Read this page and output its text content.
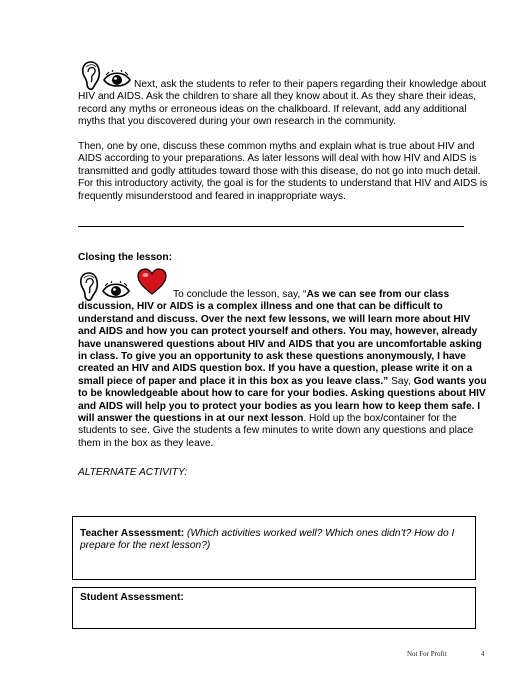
Next, ask the students to refer to their papers regarding their knowledge about HIV and AIDS. Ask the children to share all they know about it. As they share their ideas, record any myths or erroneous ideas on the chalkboard. If relevant, add any additional myths that you discovered during your own research in the community.

Then, one by one, discuss these common myths and explain what is true about HIV and AIDS according to your preparations. As later lessons will deal with how HIV and AIDS is transmitted and godly attitudes toward those with this disease, do not go into much detail. For this introductory activity, the goal is for the students to understand that HIV and AIDS is frequently misunderstood and feared in inappropriate ways.

Closing the lesson:

To conclude the lesson, say, “As we can see from our class discussion, HIV or AIDS is a complex illness and one that can be difficult to understand and discuss. Over the next few lessons, we will learn more about HIV and AIDS and how you can protect yourself and others. You may, however, already have unanswered questions about HIV and AIDS that you are uncomfortable asking in class. To give you an opportunity to ask these questions anonymously, I have created an HIV and AIDS question box. If you have a question, please write it on a small piece of paper and place it in this box as you leave class.” Say, God wants you to be knowledgeable about how to care for your bodies. Asking questions about HIV and AIDS will help you to protect your bodies as you learn how to keep them safe. I will answer the questions in at our next lesson. Hold up the box/container for the students to see. Give the students a few minutes to write down any questions and place them in the box as they leave.

ALTERNATE ACTIVITY:

Teacher Assessment: (Which activities worked well? Which ones didn’t? How do I prepare for the next lesson?)
Student Assessment:
Not For Profit	4
